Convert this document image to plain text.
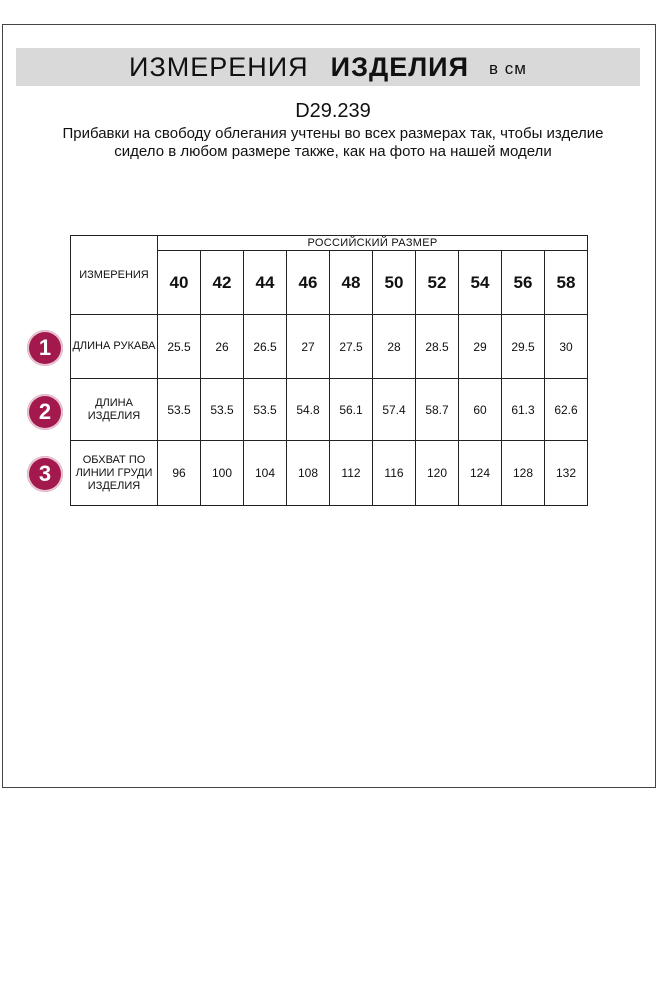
ИЗМЕРЕНИЯ ИЗДЕЛИЯ в см
D29.239
Прибавки на свободу облегания учтены во всех размерах так, чтобы изделие сидело в любом размере также, как на фото на нашей модели
ИЗМЕРЕНИЯ	РОССИЙСКИЙ РАЗМЕР									
	40	42	44	46	48	50	52	54	56	58
ДЛИНА РУКАВА	25.5	26	26.5	27	27.5	28	28.5	29	29.5	30
ДЛИНА ИЗДЕЛИЯ	53.5	53.5	53.5	54.8	56.1	57.4	58.7	60	61.3	62.6
ОБХВАТ ПО ЛИНИИ ГРУДИ ИЗДЕЛИЯ	96	100	104	108	112	116	120	124	128	132
1
2
3
